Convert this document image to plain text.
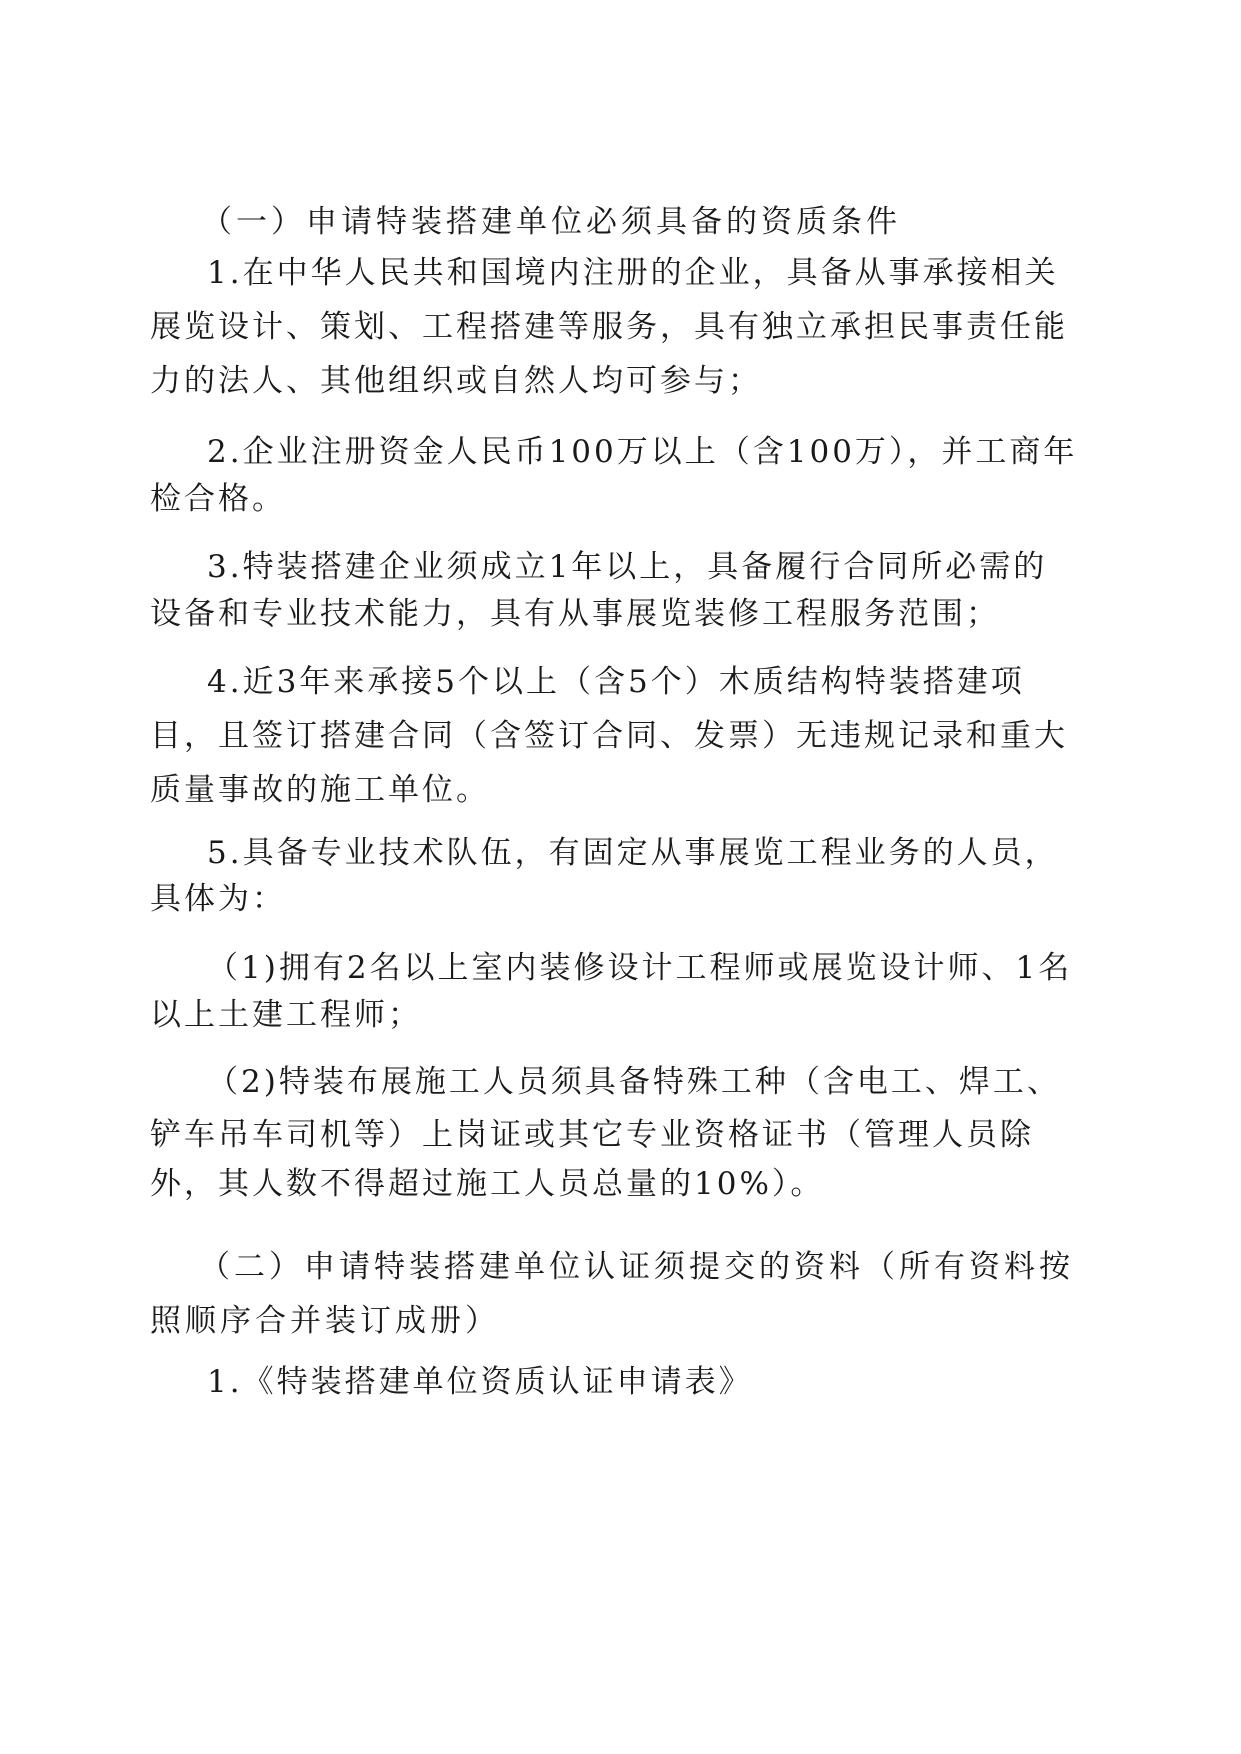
（一）申请特装搭建单位必须具备的资质条件

1.在中华人民共和国境内注册的企业，具备从事承接相关

展览设计、策划、工程搭建等服务，具有独立承担民事责任能

力的法人、其他组织或自然人均可参与；

2.企业注册资金人民币100万以上（含100万），并工商年

检合格。

3.特装搭建企业须成立1年以上，具备履行合同所必需的

设备和专业技术能力，具有从事展览装修工程服务范围；

4.近3年来承接5个以上（含5个）木质结构特装搭建项

目，且签订搭建合同（含签订合同、发票）无违规记录和重大

质量事故的施工单位。

5.具备专业技术队伍，有固定从事展览工程业务的人员，

具体为：

（1)拥有2名以上室内装修设计工程师或展览设计师、1名

以上土建工程师；

（2)特装布展施工人员须具备特殊工种（含电工、焊工、

铲车吊车司机等）上岗证或其它专业资格证书（管理人员除

外，其人数不得超过施工人员总量的10%）。

（二）申请特装搭建单位认证须提交的资料（所有资料按

照顺序合并装订成册）

1.《特装搭建单位资质认证申请表》
